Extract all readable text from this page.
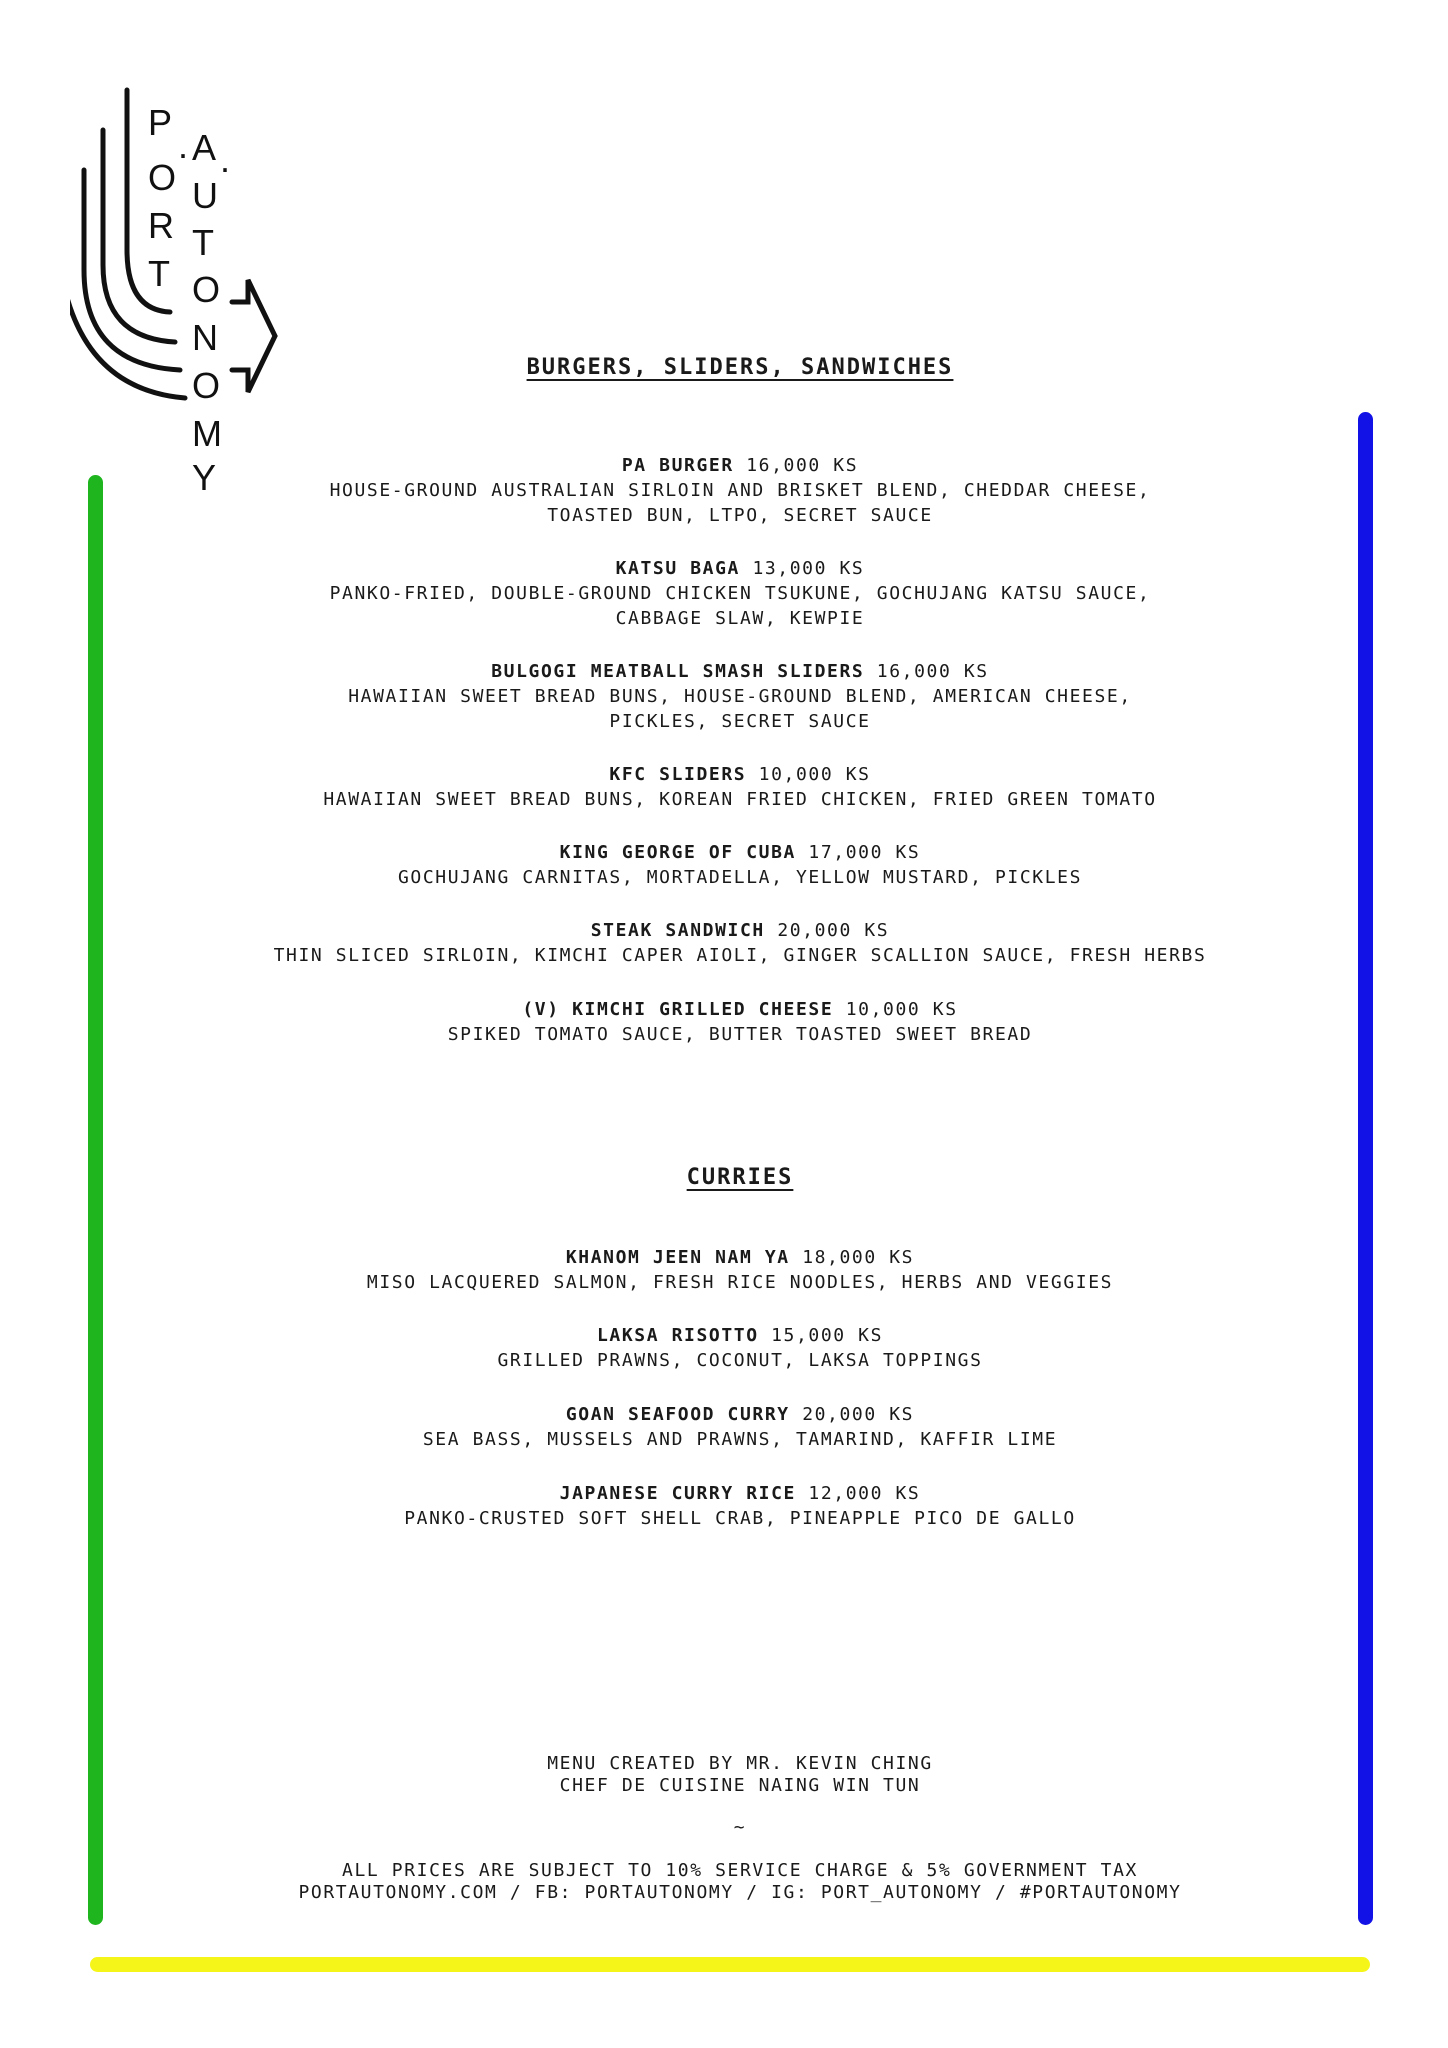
P
O
R
T
. A .
U
T
O
N
O
M
Y
BURGERS, SLIDERS, SANDWICHES

PA BURGER 16,000 KS
HOUSE-GROUND AUSTRALIAN SIRLOIN AND BRISKET BLEND, CHEDDAR CHEESE,
TOASTED BUN, LTPO, SECRET SAUCE

KATSU BAGA 13,000 KS
PANKO-FRIED, DOUBLE-GROUND CHICKEN TSUKUNE, GOCHUJANG KATSU SAUCE,
CABBAGE SLAW, KEWPIE

BULGOGI MEATBALL SMASH SLIDERS 16,000 KS
HAWAIIAN SWEET BREAD BUNS, HOUSE-GROUND BLEND, AMERICAN CHEESE,
PICKLES, SECRET SAUCE

KFC SLIDERS 10,000 KS
HAWAIIAN SWEET BREAD BUNS, KOREAN FRIED CHICKEN, FRIED GREEN TOMATO

KING GEORGE OF CUBA 17,000 KS
GOCHUJANG CARNITAS, MORTADELLA, YELLOW MUSTARD, PICKLES

STEAK SANDWICH 20,000 KS
THIN SLICED SIRLOIN, KIMCHI CAPER AIOLI, GINGER SCALLION SAUCE, FRESH HERBS

(V) KIMCHI GRILLED CHEESE 10,000 KS
SPIKED TOMATO SAUCE, BUTTER TOASTED SWEET BREAD

CURRIES

KHANOM JEEN NAM YA 18,000 KS
MISO LACQUERED SALMON, FRESH RICE NOODLES, HERBS AND VEGGIES

LAKSA RISOTTO 15,000 KS
GRILLED PRAWNS, COCONUT, LAKSA TOPPINGS

GOAN SEAFOOD CURRY 20,000 KS
SEA BASS, MUSSELS AND PRAWNS, TAMARIND, KAFFIR LIME

JAPANESE CURRY RICE 12,000 KS
PANKO-CRUSTED SOFT SHELL CRAB, PINEAPPLE PICO DE GALLO

MENU CREATED BY MR. KEVIN CHING

CHEF DE CUISINE NAING WIN TUN

~

ALL PRICES ARE SUBJECT TO 10% SERVICE CHARGE & 5% GOVERNMENT TAX

PORTAUTONOMY.COM / FB: PORTAUTONOMY / IG: PORT_AUTONOMY / #PORTAUTONOMY
